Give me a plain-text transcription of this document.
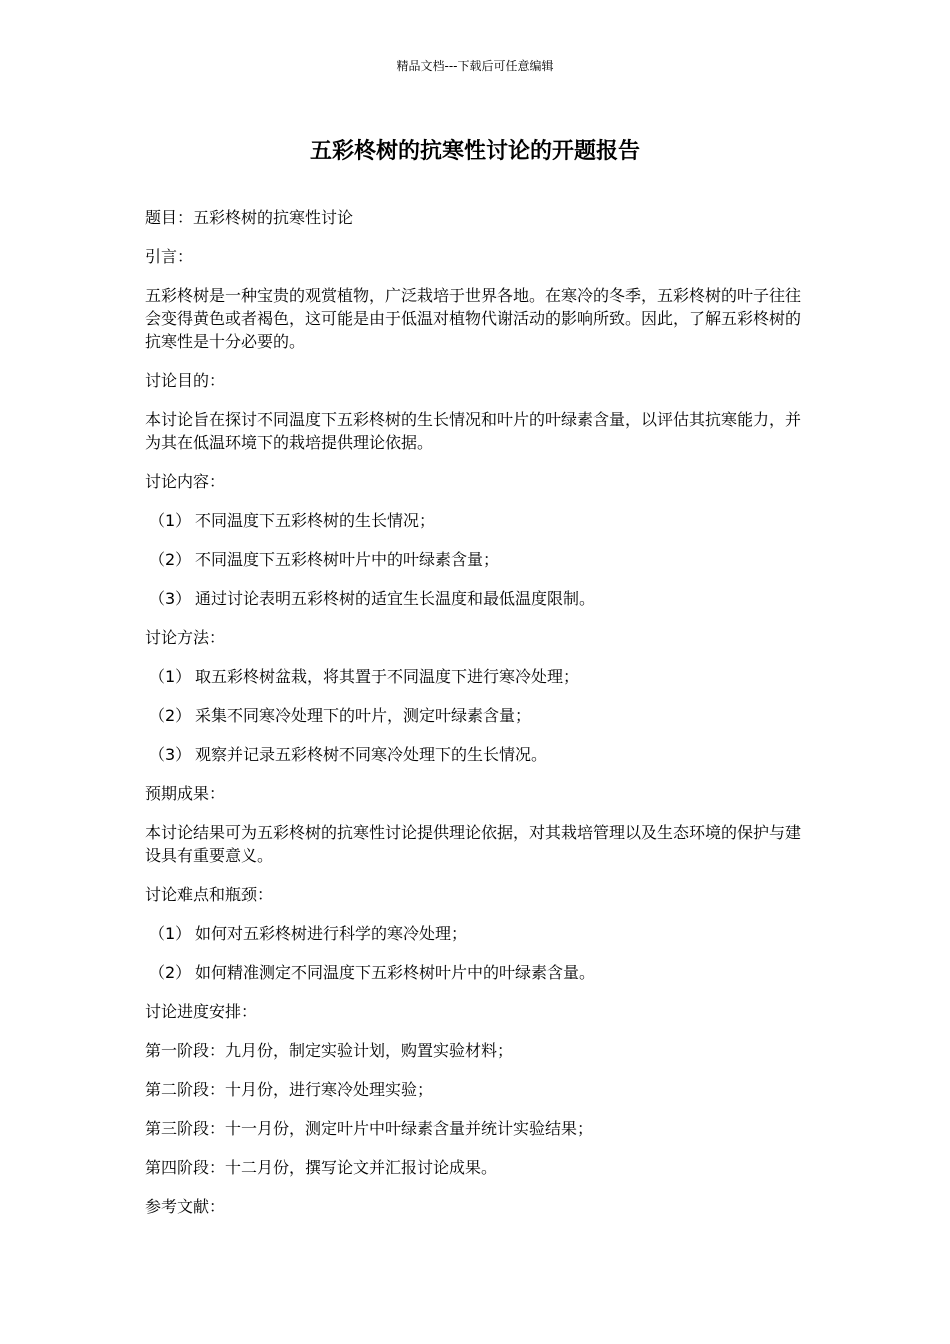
精品文档---下载后可任意编辑
五彩柊树的抗寒性讨论的开题报告

题目：五彩柊树的抗寒性讨论

引言：

五彩柊树是一种宝贵的观赏植物，广泛栽培于世界各地。在寒冷的冬季，五彩柊树的叶子往往会变得黄色或者褐色，这可能是由于低温对植物代谢活动的影响所致。因此，了解五彩柊树的抗寒性是十分必要的。

讨论目的：

本讨论旨在探讨不同温度下五彩柊树的生长情况和叶片的叶绿素含量，以评估其抗寒能力，并为其在低温环境下的栽培提供理论依据。

讨论内容：

（1） 不同温度下五彩柊树的生长情况；

（2） 不同温度下五彩柊树叶片中的叶绿素含量；

（3） 通过讨论表明五彩柊树的适宜生长温度和最低温度限制。

讨论方法：

（1） 取五彩柊树盆栽，将其置于不同温度下进行寒冷处理；

（2） 采集不同寒冷处理下的叶片，测定叶绿素含量；

（3） 观察并记录五彩柊树不同寒冷处理下的生长情况。

预期成果：

本讨论结果可为五彩柊树的抗寒性讨论提供理论依据，对其栽培管理以及生态环境的保护与建设具有重要意义。

讨论难点和瓶颈：

（1） 如何对五彩柊树进行科学的寒冷处理；

（2） 如何精准测定不同温度下五彩柊树叶片中的叶绿素含量。

讨论进度安排：

第一阶段：九月份，制定实验计划，购置实验材料；

第二阶段：十月份，进行寒冷处理实验；

第三阶段：十一月份，测定叶片中叶绿素含量并统计实验结果；

第四阶段：十二月份，撰写论文并汇报讨论成果。

参考文献：
